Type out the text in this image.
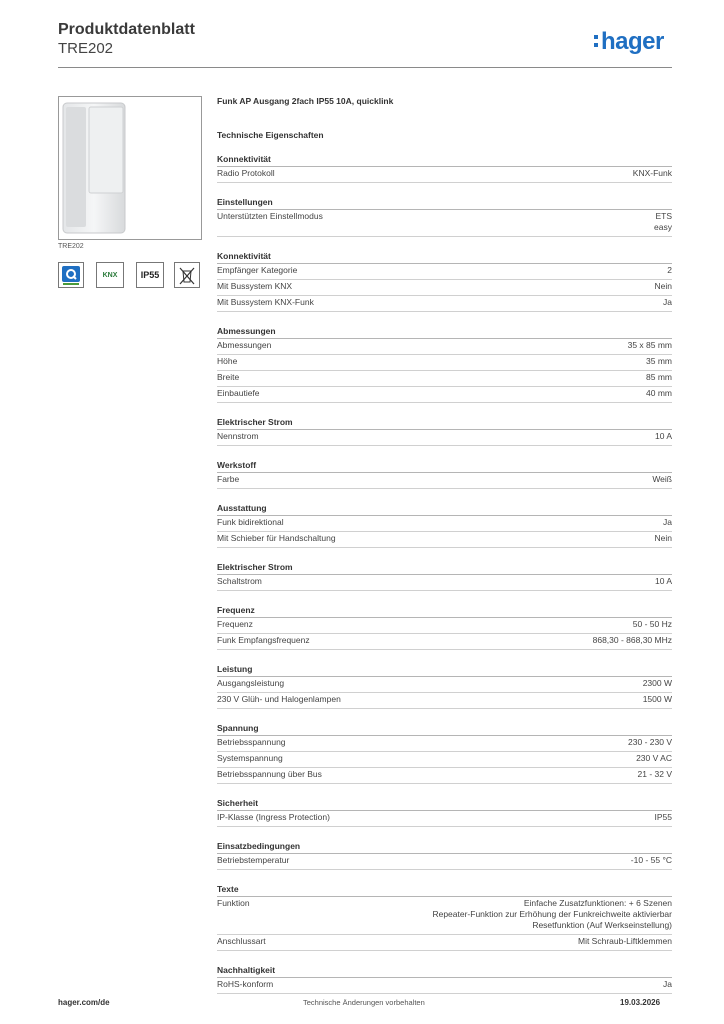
Produktdatenblatt
TRE202	hager
TRE202
KNX	IP55
Funk AP Ausgang 2fach IP55 10A, quicklink
Technische Eigenschaften
Konnektivität
Radio Protokoll	KNX-Funk
Einstellungen
Unterstützten Einstellmodus	ETS
easy
Konnektivität
Empfänger Kategorie	2
Mit Bussystem KNX	Nein
Mit Bussystem KNX-Funk	Ja
Abmessungen
Abmessungen	35 x 85 mm
Höhe	35 mm
Breite	85 mm
Einbautiefe	40 mm
Elektrischer Strom
Nennstrom	10 A
Werkstoff
Farbe	Weiß
Ausstattung
Funk bidirektional	Ja
Mit Schieber für Handschaltung	Nein
Elektrischer Strom
Schaltstrom	10 A
Frequenz
Frequenz	50 - 50 Hz
Funk Empfangsfrequenz	868,30 - 868,30 MHz
Leistung
Ausgangsleistung	2300 W
230 V Glüh- und Halogenlampen	1500 W
Spannung
Betriebsspannung	230 - 230 V
Systemspannung	230 V AC
Betriebsspannung über Bus	21 - 32 V
Sicherheit
IP-Klasse (Ingress Protection)	IP55
Einsatzbedingungen
Betriebstemperatur	-10 - 55 °C
Texte
Funktion	Einfache Zusatzfunktionen: + 6 Szenen
Repeater-Funktion zur Erhöhung der Funkreichweite aktivierbar
Resetfunktion (Auf Werkseinstellung)
Anschlussart	Mit Schraub-Liftklemmen
Nachhaltigkeit
RoHS-konform	Ja
hager.com/de	Technische Änderungen vorbehalten	19.03.2026
